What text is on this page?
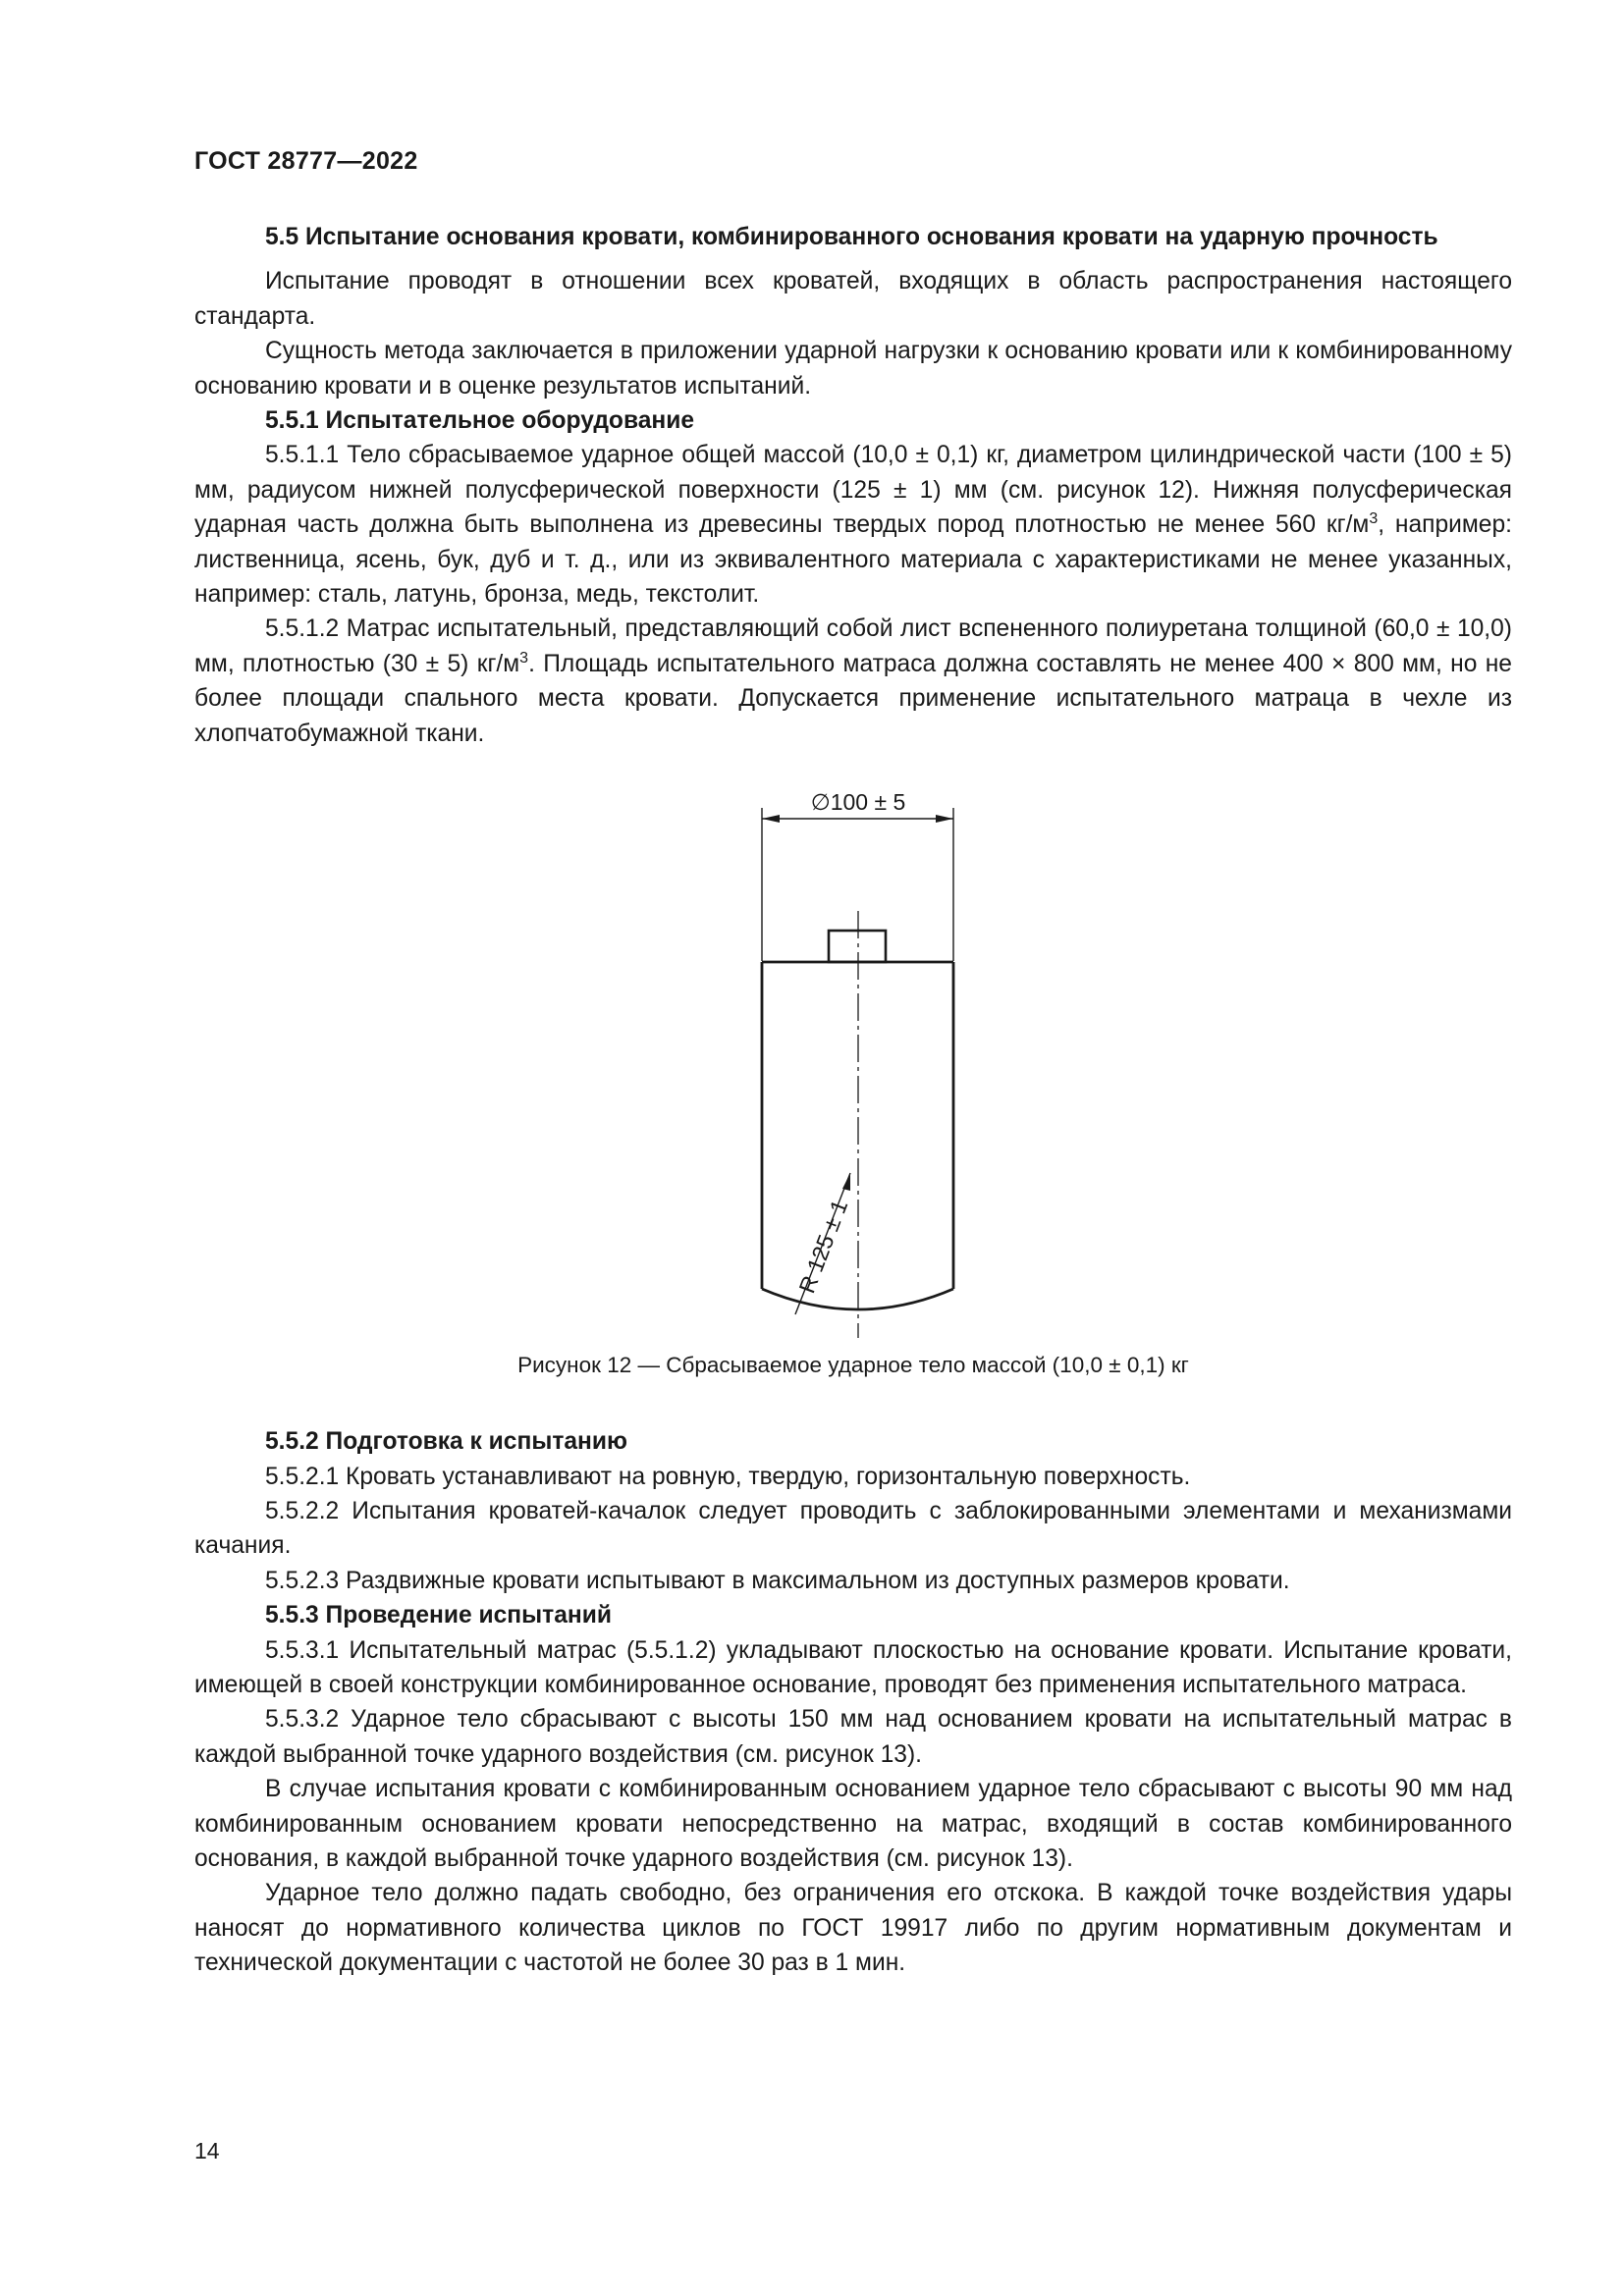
ГОСТ 28777—2022

5.5 Испытание основания кровати, комбинированного основания кровати на ударную прочность

Испытание проводят в отношении всех кроватей, входящих в область распространения настоящего стандарта.

Сущность метода заключается в приложении ударной нагрузки к основанию кровати или к комбинированному основанию кровати и в оценке результатов испытаний.

5.5.1 Испытательное оборудование

5.5.1.1 Тело сбрасываемое ударное общей массой (10,0 ± 0,1) кг, диаметром цилиндрической части (100 ± 5) мм, радиусом нижней полусферической поверхности (125 ± 1) мм (см. рисунок 12). Нижняя полусферическая ударная часть должна быть выполнена из древесины твердых пород плотностью не менее 560 $кг/м^3$, например: лиственница, ясень, бук, дуб и т. д., или из эквивалентного материала с характеристиками не менее указанных, например: сталь, латунь, бронза, медь, текстолит.

5.5.1.2 Матрас испытательный, представляющий собой лист вспененного полиуретана толщиной (60,0 ± 10,0) мм, плотностью (30 ± 5) $кг/м^3$. Площадь испытательного матраса должна составлять не менее 400 × 800 мм, но не более площади спального места кровати. Допускается применение испытательного матраца в чехле из хлопчатобумажной ткани.

∅100 ± 5
R 125 ± 1
Рисунок 12 — Сбрасываемое ударное тело массой (10,0 ± 0,1) кг

5.5.2 Подготовка к испытанию

5.5.2.1 Кровать устанавливают на ровную, твердую, горизонтальную поверхность.

5.5.2.2 Испытания кроватей-качалок следует проводить с заблокированными элементами и механизмами качания.

5.5.2.3 Раздвижные кровати испытывают в максимальном из доступных размеров кровати.

5.5.3 Проведение испытаний

5.5.3.1 Испытательный матрас (5.5.1.2) укладывают плоскостью на основание кровати. Испытание кровати, имеющей в своей конструкции комбинированное основание, проводят без применения испытательного матраса.

5.5.3.2 Ударное тело сбрасывают с высоты 150 мм над основанием кровати на испытательный матрас в каждой выбранной точке ударного воздействия (см. рисунок 13).

В случае испытания кровати с комбинированным основанием ударное тело сбрасывают с высоты 90 мм над комбинированным основанием кровати непосредственно на матрас, входящий в состав комбинированного основания, в каждой выбранной точке ударного воздействия (см. рисунок 13).

Ударное тело должно падать свободно, без ограничения его отскока. В каждой точке воздействия удары наносят до нормативного количества циклов по ГОСТ 19917 либо по другим нормативным документам и технической документации с частотой не более 30 раз в 1 мин.

14
